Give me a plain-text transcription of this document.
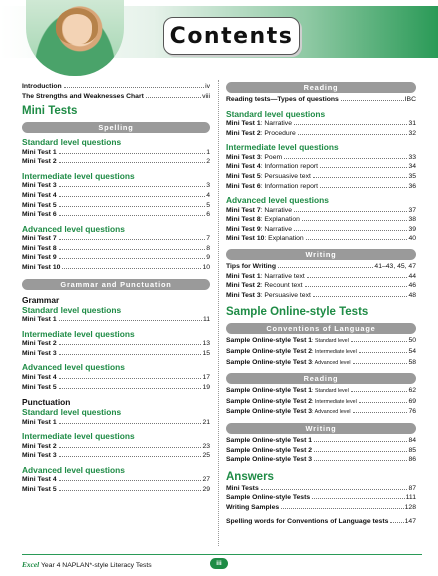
Contents
Introduction	iv
The Strengths and Weaknesses Chart	viii
Mini Tests
Spelling
Standard level questions
Mini Test 1	1
Mini Test 2	2
Intermediate level questions
Mini Test 3	3
Mini Test 4	4
Mini Test 5	5
Mini Test 6	6
Advanced level questions
Mini Test 7	7
Mini Test 8	8
Mini Test 9	9
Mini Test 10	10
Grammar and Punctuation
Grammar
Standard level questions
Mini Test 1	11
Intermediate level questions
Mini Test 2	13
Mini Test 3	15
Advanced level questions
Mini Test 4	17
Mini Test 5	19
Punctuation
Standard level questions
Mini Test 1	21
Intermediate level questions
Mini Test 2	23
Mini Test 3	25
Advanced level questions
Mini Test 4	27
Mini Test 5	29
Reading
Reading tests—Types of questions	IBC
Standard level questions
Mini Test 1: Narrative	31
Mini Test 2: Procedure	32
Intermediate level questions
Mini Test 3: Poem	33
Mini Test 4: Information report	34
Mini Test 5: Persuasive text	35
Mini Test 6: Information report	36
Advanced level questions
Mini Test 7: Narrative	37
Mini Test 8: Explanation	38
Mini Test 9: Narrative	39
Mini Test 10: Explanation	40
Writing
Tips for Writing	41–43, 45, 47
Mini Test 1: Narrative text	44
Mini Test 2: Recount text	46
Mini Test 3: Persuasive text	48
Sample Online-style Tests
Conventions of Language
Sample Online-style Test 1: Standard level	50
Sample Online-style Test 2: Intermediate level	54
Sample Online-style Test 3: Advanced level	58
Reading
Sample Online-style Test 1: Standard level	62
Sample Online-style Test 2: Intermediate level	69
Sample Online-style Test 3: Advanced level	76
Writing
Sample Online-style Test 1	84
Sample Online-style Test 2	85
Sample Online-style Test 3	86
Answers
Mini Tests	87
Sample Online-style Tests	111
Writing Samples	128
Spelling words for Conventions of Language tests 147
Excel Year 4 NAPLAN*-style Literacy Tests	iii
